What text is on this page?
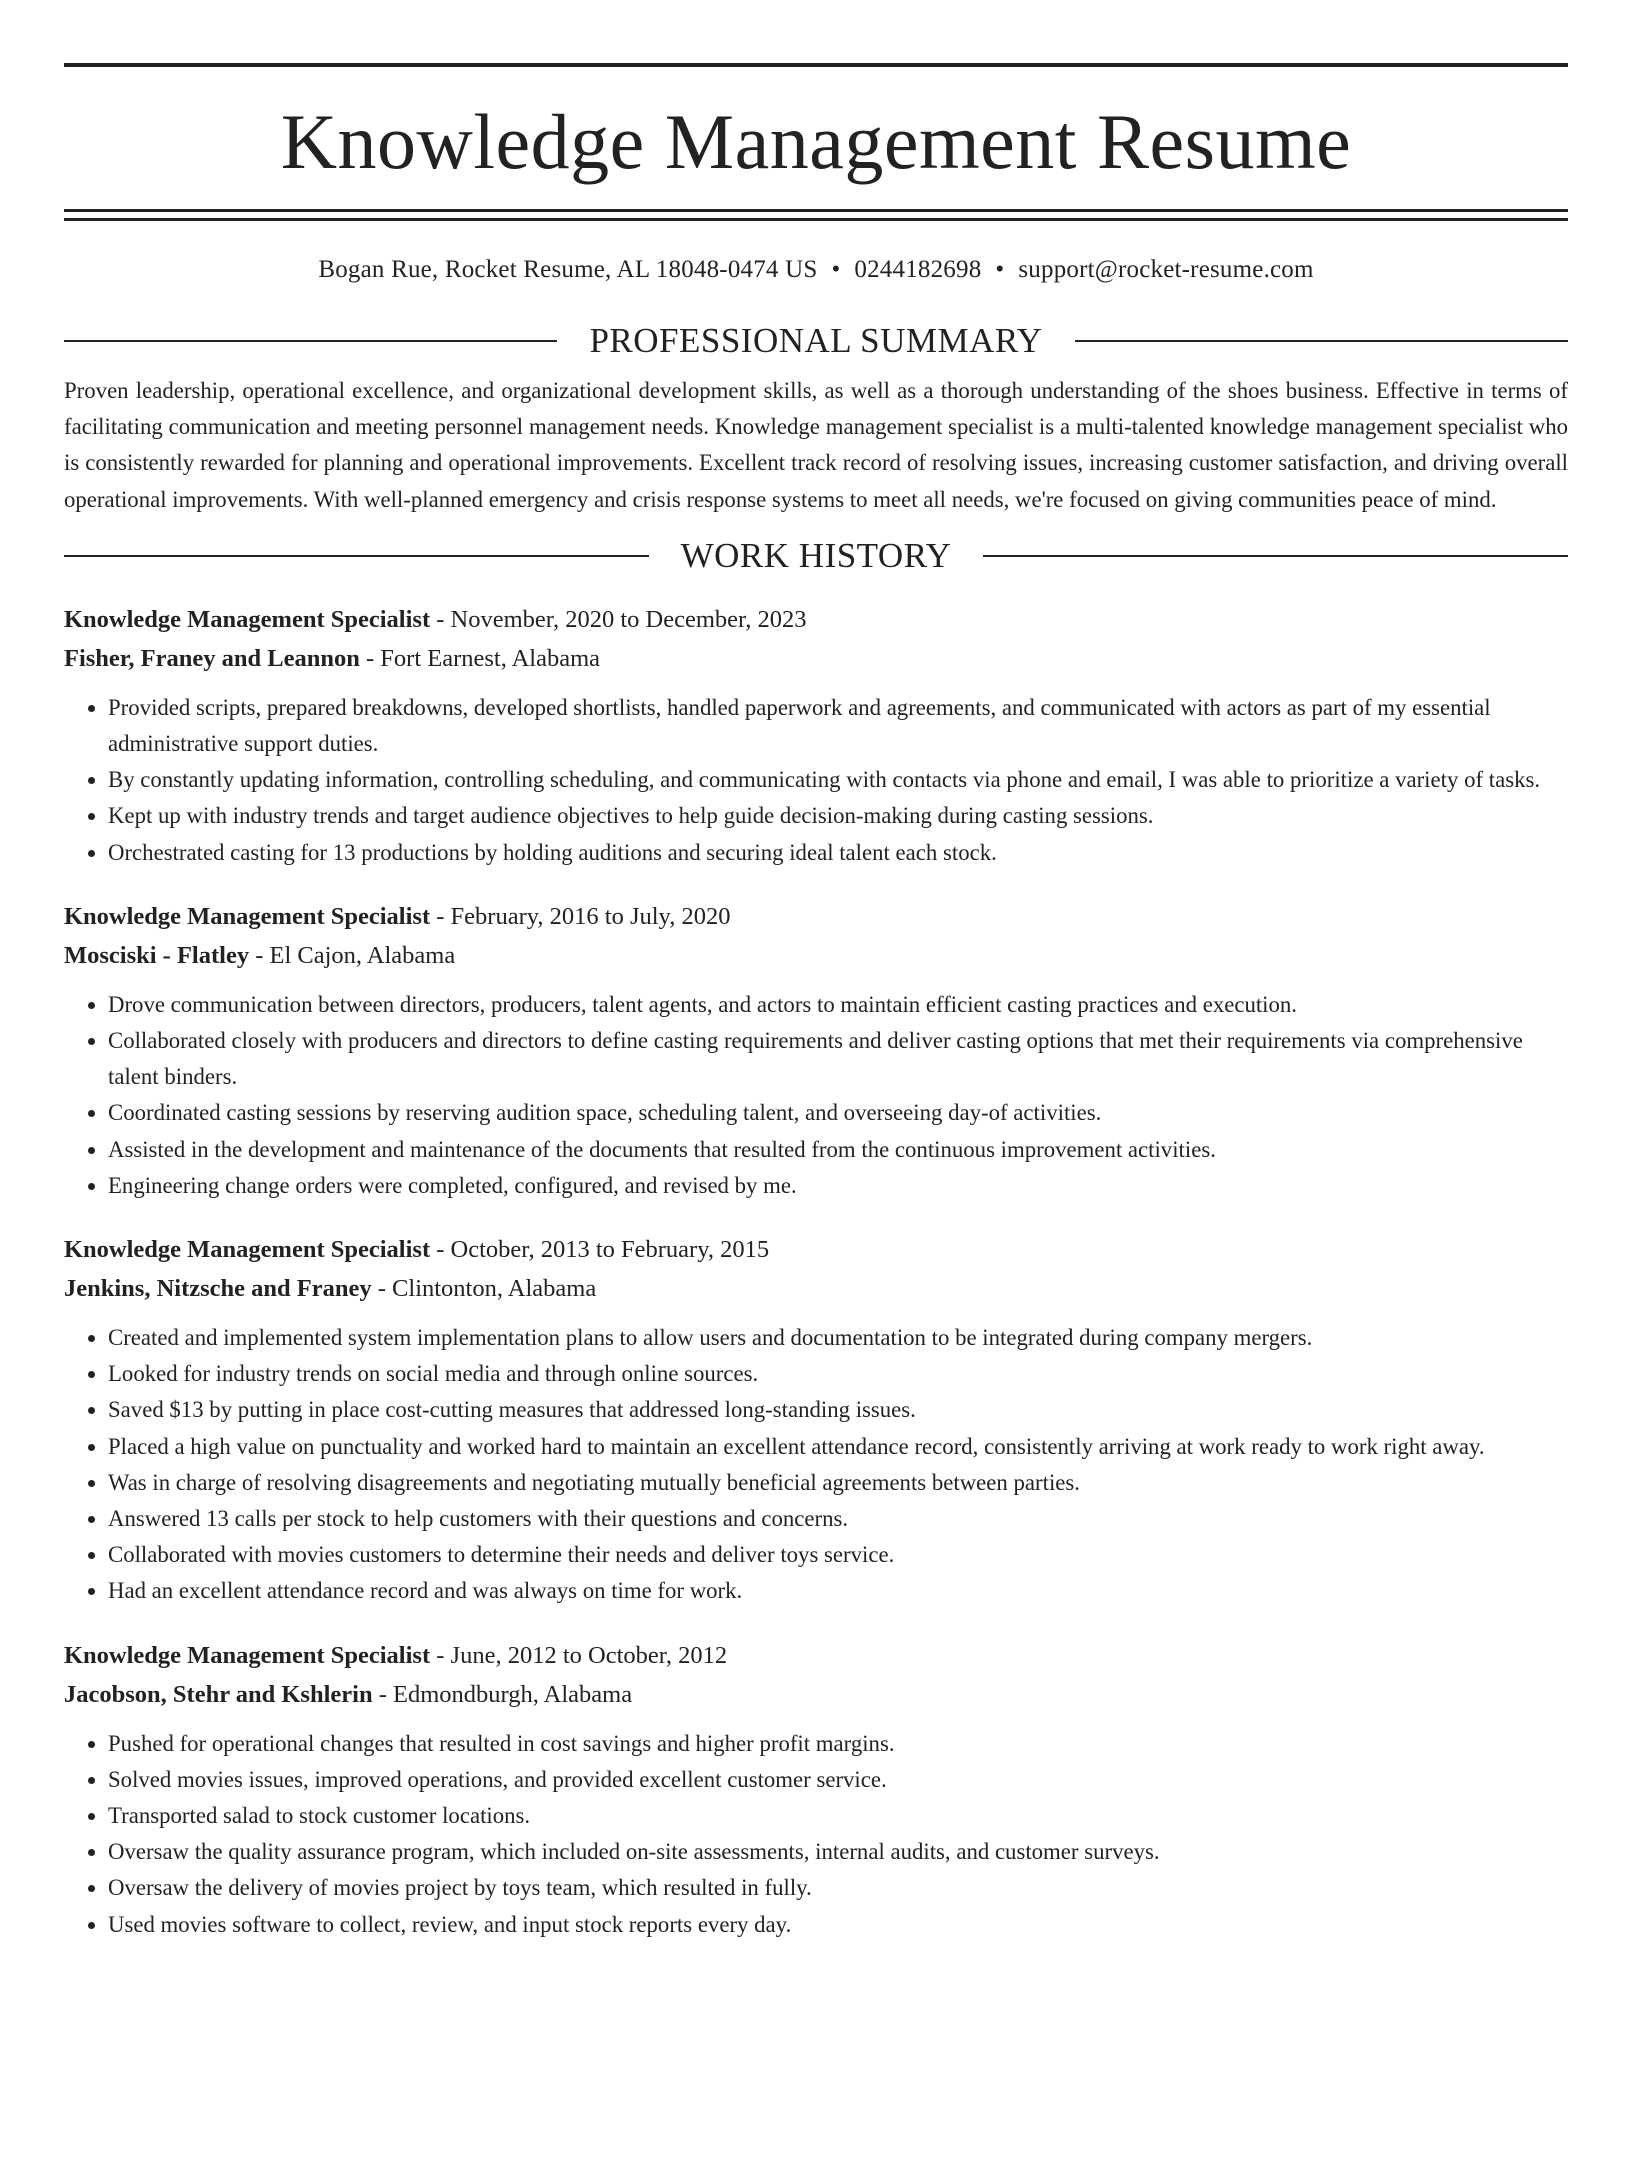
Knowledge Management Resume
Bogan Rue, Rocket Resume, AL 18048-0474 US • 0244182698 • support@rocket-resume.com
PROFESSIONAL SUMMARY
Proven leadership, operational excellence, and organizational development skills, as well as a thorough understanding of the shoes business. Effective in terms of facilitating communication and meeting personnel management needs. Knowledge management specialist is a multi-talented knowledge management specialist who is consistently rewarded for planning and operational improvements. Excellent track record of resolving issues, increasing customer satisfaction, and driving overall operational improvements. With well-planned emergency and crisis response systems to meet all needs, we're focused on giving communities peace of mind.
WORK HISTORY
Knowledge Management Specialist - November, 2020 to December, 2023
Fisher, Franey and Leannon - Fort Earnest, Alabama
• Provided scripts, prepared breakdowns, developed shortlists, handled paperwork and agreements, and communicated with actors as part of my essential administrative support duties.
• By constantly updating information, controlling scheduling, and communicating with contacts via phone and email, I was able to prioritize a variety of tasks.
• Kept up with industry trends and target audience objectives to help guide decision-making during casting sessions.
• Orchestrated casting for 13 productions by holding auditions and securing ideal talent each stock.
Knowledge Management Specialist - February, 2016 to July, 2020
Mosciski - Flatley - El Cajon, Alabama
• Drove communication between directors, producers, talent agents, and actors to maintain efficient casting practices and execution.
• Collaborated closely with producers and directors to define casting requirements and deliver casting options that met their requirements via comprehensive talent binders.
• Coordinated casting sessions by reserving audition space, scheduling talent, and overseeing day-of activities.
• Assisted in the development and maintenance of the documents that resulted from the continuous improvement activities.
• Engineering change orders were completed, configured, and revised by me.
Knowledge Management Specialist - October, 2013 to February, 2015
Jenkins, Nitzsche and Franey - Clintonton, Alabama
• Created and implemented system implementation plans to allow users and documentation to be integrated during company mergers.
• Looked for industry trends on social media and through online sources.
• Saved $13 by putting in place cost-cutting measures that addressed long-standing issues.
• Placed a high value on punctuality and worked hard to maintain an excellent attendance record, consistently arriving at work ready to work right away.
• Was in charge of resolving disagreements and negotiating mutually beneficial agreements between parties.
• Answered 13 calls per stock to help customers with their questions and concerns.
• Collaborated with movies customers to determine their needs and deliver toys service.
• Had an excellent attendance record and was always on time for work.
Knowledge Management Specialist - June, 2012 to October, 2012
Jacobson, Stehr and Kshlerin - Edmondburgh, Alabama
• Pushed for operational changes that resulted in cost savings and higher profit margins.
• Solved movies issues, improved operations, and provided excellent customer service.
• Transported salad to stock customer locations.
• Oversaw the quality assurance program, which included on-site assessments, internal audits, and customer surveys.
• Oversaw the delivery of movies project by toys team, which resulted in fully.
• Used movies software to collect, review, and input stock reports every day.
